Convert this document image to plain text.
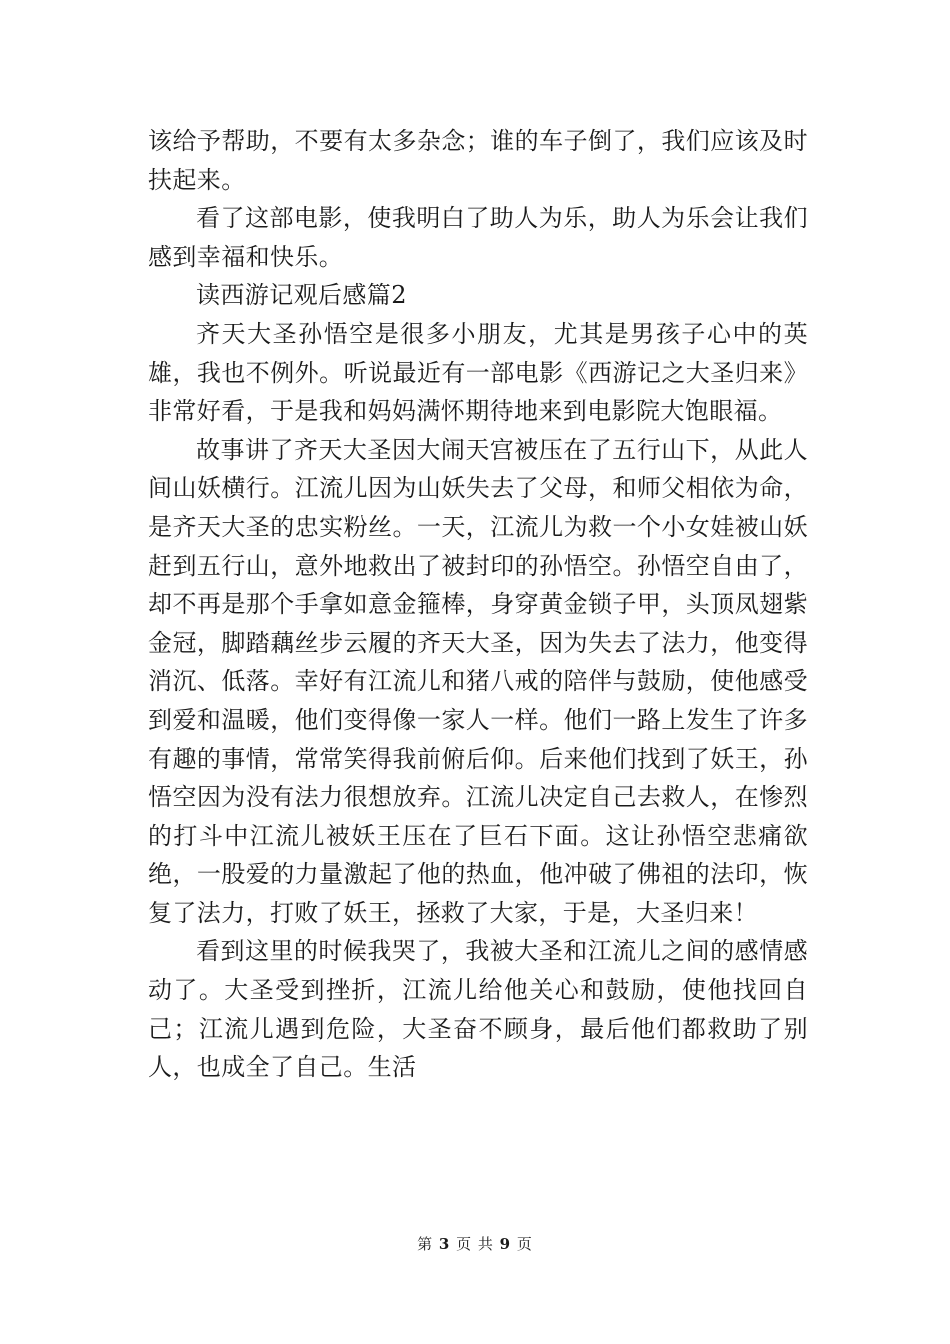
该给予帮助，不要有太多杂念；谁的车子倒了，我们应该及时扶起来。

看了这部电影，使我明白了助人为乐，助人为乐会让我们感到幸福和快乐。

读西游记观后感篇2

齐天大圣孙悟空是很多小朋友，尤其是男孩子心中的英雄，我也不例外。听说最近有一部电影《西游记之大圣归来》非常好看，于是我和妈妈满怀期待地来到电影院大饱眼福。

故事讲了齐天大圣因大闹天宫被压在了五行山下，从此人间山妖横行。江流儿因为山妖失去了父母，和师父相依为命，是齐天大圣的忠实粉丝。一天，江流儿为救一个小女娃被山妖赶到五行山，意外地救出了被封印的孙悟空。孙悟空自由了，却不再是那个手拿如意金箍棒，身穿黄金锁子甲，头顶凤翅紫金冠，脚踏藕丝步云履的齐天大圣，因为失去了法力，他变得消沉、低落。幸好有江流儿和猪八戒的陪伴与鼓励，使他感受到爱和温暖，他们变得像一家人一样。他们一路上发生了许多有趣的事情，常常笑得我前俯后仰。后来他们找到了妖王，孙悟空因为没有法力很想放弃。江流儿决定自己去救人，在惨烈的打斗中江流儿被妖王压在了巨石下面。这让孙悟空悲痛欲绝，一股爱的力量激起了他的热血，他冲破了佛祖的法印，恢复了法力，打败了妖王，拯救了大家，于是，大圣归来！

看到这里的时候我哭了，我被大圣和江流儿之间的感情感动了。大圣受到挫折，江流儿给他关心和鼓励，使他找回自己；江流儿遇到危险，大圣奋不顾身，最后他们都救助了别人，也成全了自己。生活

第 3 页 共 9 页
